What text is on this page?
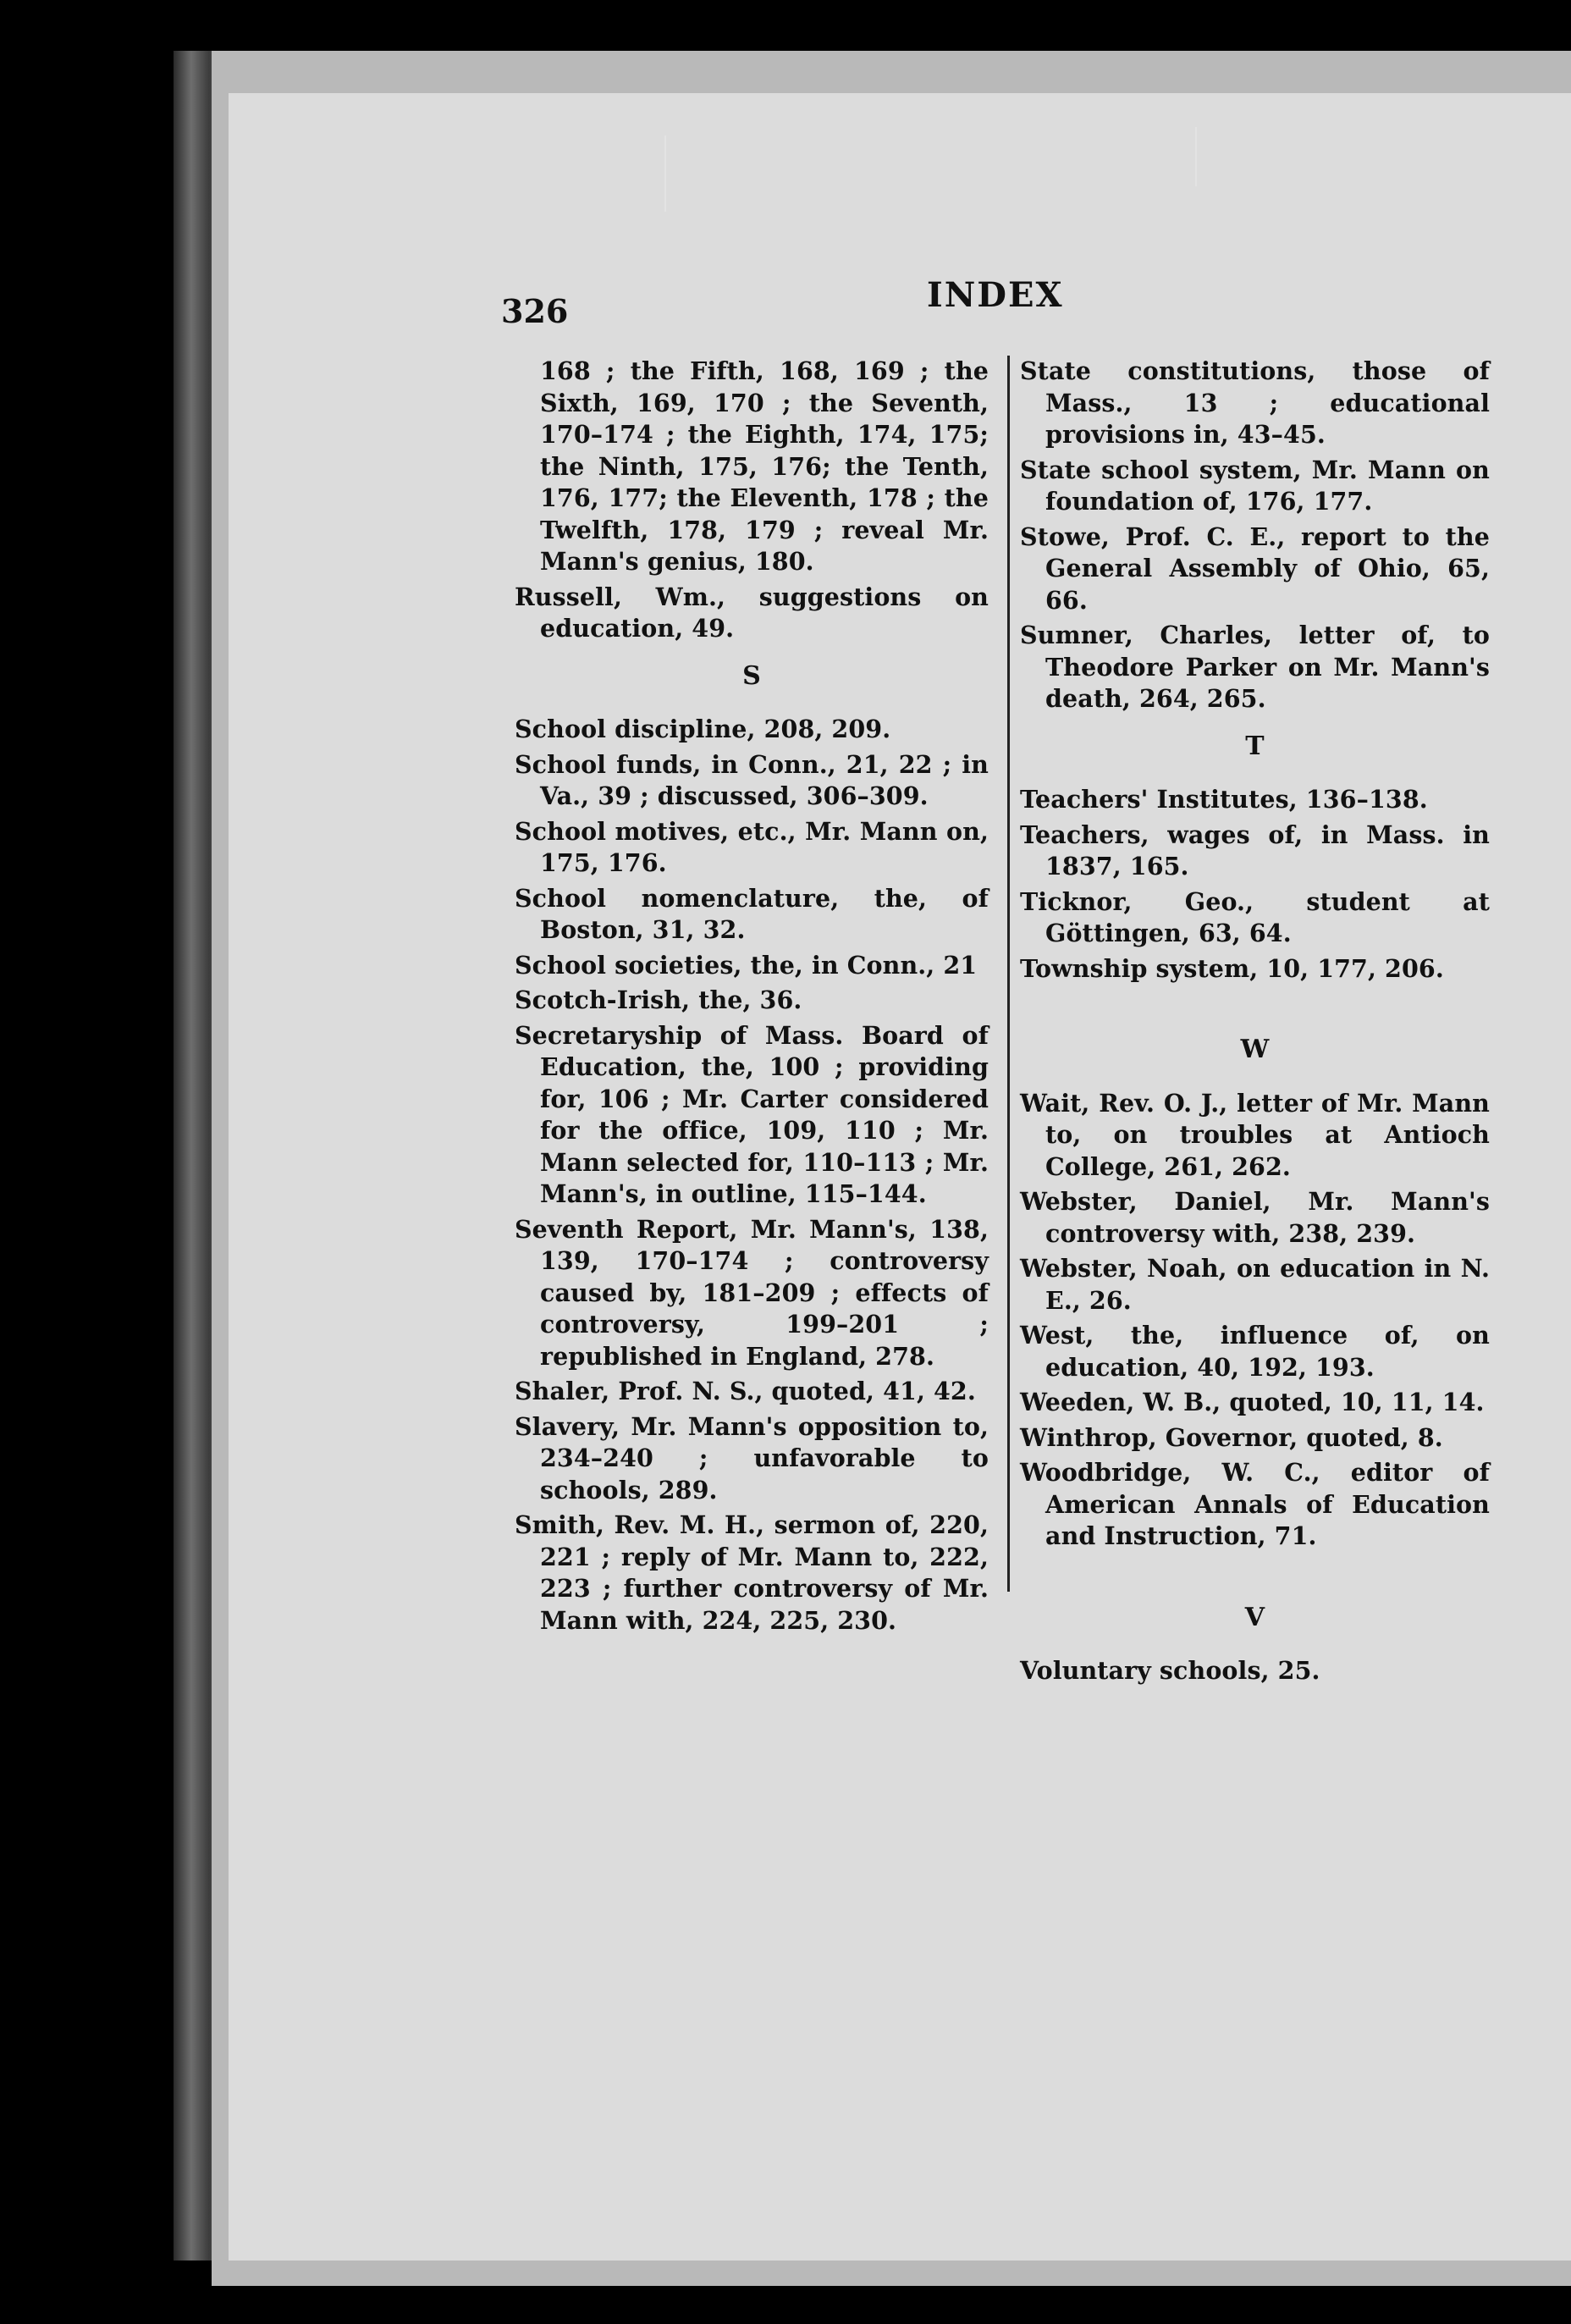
326	INDEX
168 ; the Fifth, 168, 169 ; the Sixth, 169, 170 ; the Seventh, 170–174 ; the Eighth, 174, 175; the Ninth, 175, 176; the Tenth, 176, 177; the Eleventh, 178 ; the Twelfth, 178, 179 ; reveal Mr. Mann's genius, 180.
Russell, Wm., suggestions on education, 49.
S
School discipline, 208, 209.
School funds, in Conn., 21, 22 ; in Va., 39 ; discussed, 306–309.
School motives, etc., Mr. Mann on, 175, 176.
School nomenclature, the, of Boston, 31, 32.
School societies, the, in Conn., 21
Scotch-Irish, the, 36.
Secretaryship of Mass. Board of Education, the, 100 ; providing for, 106 ; Mr. Carter considered for the office, 109, 110 ; Mr. Mann selected for, 110–113 ; Mr. Mann's, in outline, 115–144.
Seventh Report, Mr. Mann's, 138, 139, 170–174 ; controversy caused by, 181–209 ; effects of controversy, 199–201 ; republished in England, 278.
Shaler, Prof. N. S., quoted, 41, 42.
Slavery, Mr. Mann's opposition to, 234–240 ; unfavorable to schools, 289.
Smith, Rev. M. H., sermon of, 220, 221 ; reply of Mr. Mann to, 222, 223 ; further controversy of Mr. Mann with, 224, 225, 230.
State constitutions, those of Mass., 13 ; educational provisions in, 43–45.
State school system, Mr. Mann on foundation of, 176, 177.
Stowe, Prof. C. E., report to the General Assembly of Ohio, 65, 66.
Sumner, Charles, letter of, to Theodore Parker on Mr. Mann's death, 264, 265.
T
Teachers' Institutes, 136–138.
Teachers, wages of, in Mass. in 1837, 165.
Ticknor, Geo., student at Göttingen, 63, 64.
Township system, 10, 177, 206.
W
Wait, Rev. O. J., letter of Mr. Mann to, on troubles at Antioch College, 261, 262.
Webster, Daniel, Mr. Mann's controversy with, 238, 239.
Webster, Noah, on education in N. E., 26.
West, the, influence of, on education, 40, 192, 193.
Weeden, W. B., quoted, 10, 11, 14.
Winthrop, Governor, quoted, 8.
Woodbridge, W. C., editor of American Annals of Education and Instruction, 71.
V
Voluntary schools, 25.
